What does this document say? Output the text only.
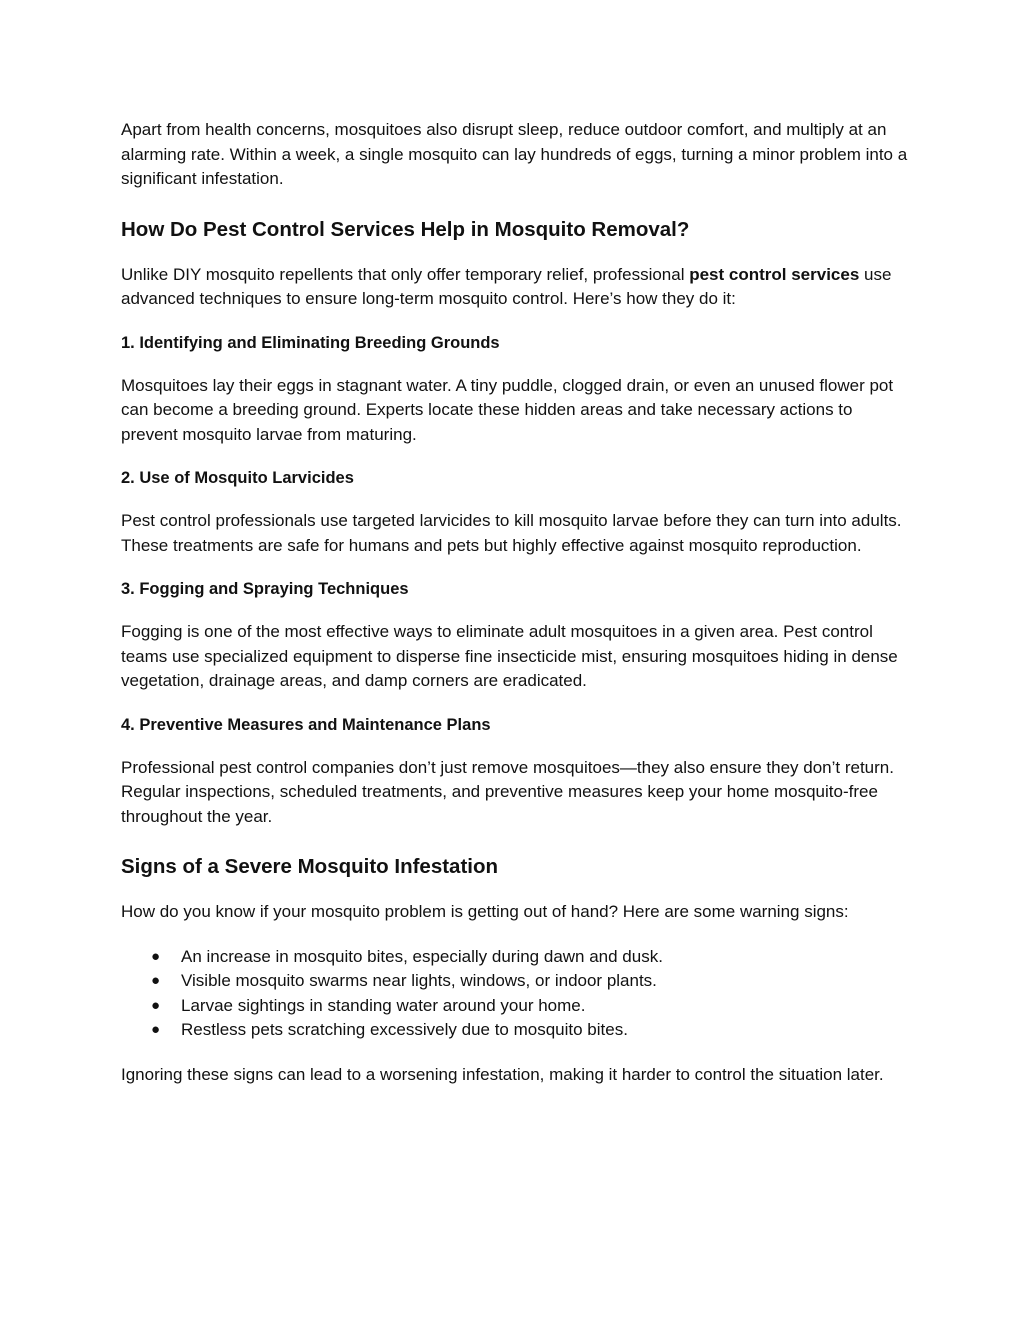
Apart from health concerns, mosquitoes also disrupt sleep, reduce outdoor comfort, and multiply at an alarming rate. Within a week, a single mosquito can lay hundreds of eggs, turning a minor problem into a significant infestation.

How Do Pest Control Services Help in Mosquito Removal?

Unlike DIY mosquito repellents that only offer temporary relief, professional pest control services use advanced techniques to ensure long-term mosquito control. Here’s how they do it:

1. Identifying and Eliminating Breeding Grounds

Mosquitoes lay their eggs in stagnant water. A tiny puddle, clogged drain, or even an unused flower pot can become a breeding ground. Experts locate these hidden areas and take necessary actions to prevent mosquito larvae from maturing.

2. Use of Mosquito Larvicides

Pest control professionals use targeted larvicides to kill mosquito larvae before they can turn into adults. These treatments are safe for humans and pets but highly effective against mosquito reproduction.

3. Fogging and Spraying Techniques

Fogging is one of the most effective ways to eliminate adult mosquitoes in a given area. Pest control teams use specialized equipment to disperse fine insecticide mist, ensuring mosquitoes hiding in dense vegetation, drainage areas, and damp corners are eradicated.

4. Preventive Measures and Maintenance Plans

Professional pest control companies don’t just remove mosquitoes—they also ensure they don’t return. Regular inspections, scheduled treatments, and preventive measures keep your home mosquito-free throughout the year.

Signs of a Severe Mosquito Infestation

How do you know if your mosquito problem is getting out of hand? Here are some warning signs:

● An increase in mosquito bites, especially during dawn and dusk.
● Visible mosquito swarms near lights, windows, or indoor plants.
● Larvae sightings in standing water around your home.
● Restless pets scratching excessively due to mosquito bites.

Ignoring these signs can lead to a worsening infestation, making it harder to control the situation later.
